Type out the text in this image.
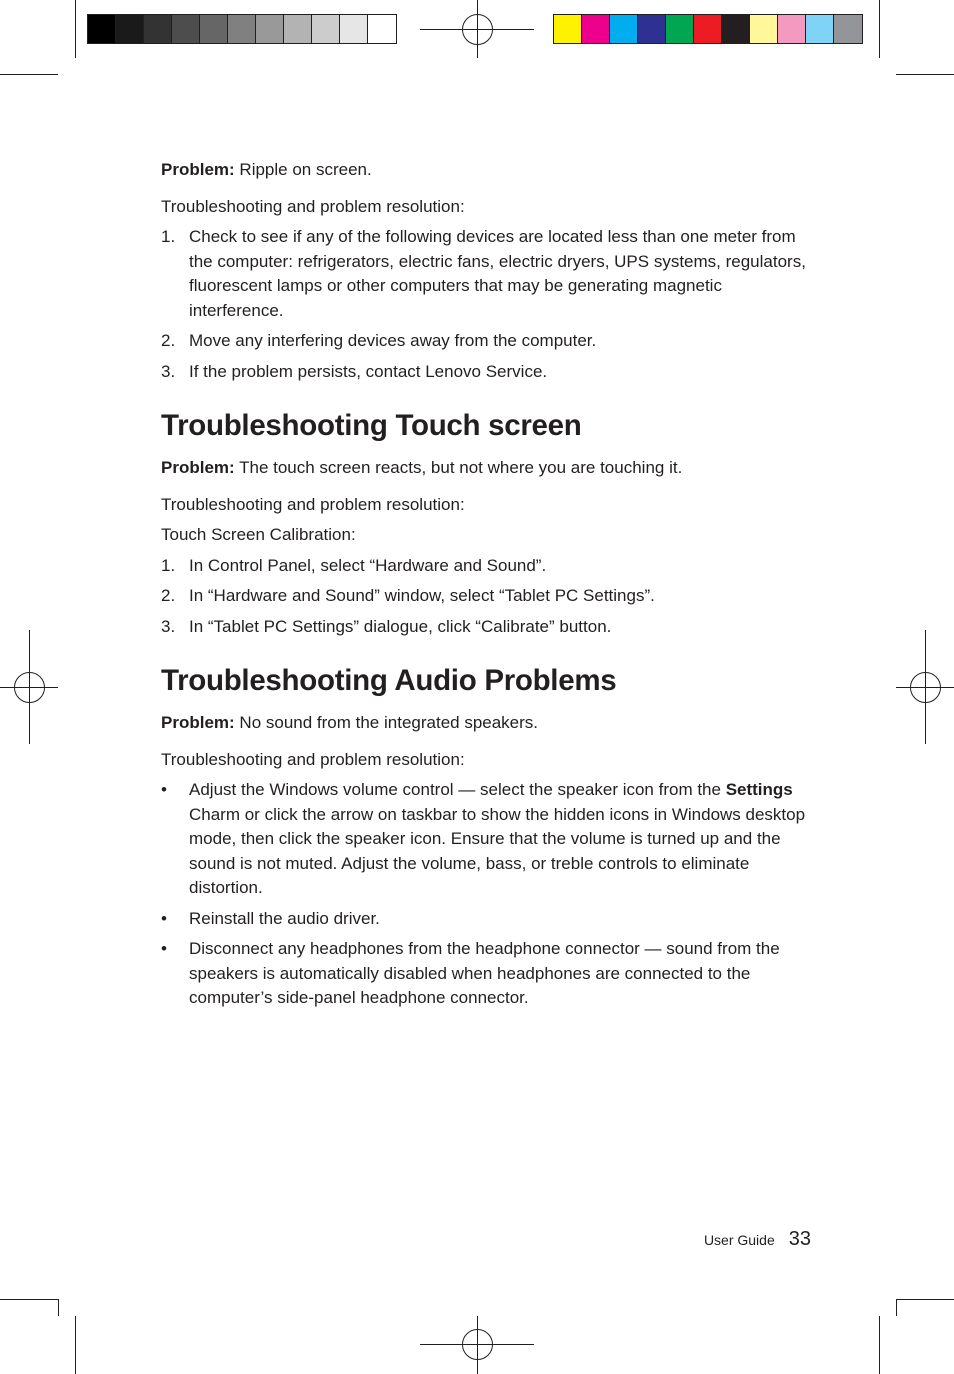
Problem: Ripple on screen.

Troubleshooting and problem resolution:

1. Check to see if any of the following devices are located less than one meter from the computer: refrigerators, electric fans, electric dryers, UPS systems, regulators, fluorescent lamps or other computers that may be generating magnetic interference.
2. Move any interfering devices away from the computer.
3. If the problem persists, contact Lenovo Service.
Troubleshooting Touch screen

Problem: The touch screen reacts, but not where you are touching it.

Troubleshooting and problem resolution:

Touch Screen Calibration:

1. In Control Panel, select “Hardware and Sound”.
2. In “Hardware and Sound” window, select “Tablet PC Settings”.
3. In “Tablet PC Settings” dialogue, click “Calibrate” button.
Troubleshooting Audio Problems

Problem: No sound from the integrated speakers.

Troubleshooting and problem resolution:

• Adjust the Windows volume control — select the speaker icon from the Settings Charm or click the arrow on taskbar to show the hidden icons in Windows desktop mode, then click the speaker icon. Ensure that the volume is turned up and the sound is not muted. Adjust the volume, bass, or treble controls to eliminate distortion.
• Reinstall the audio driver.
• Disconnect any headphones from the headphone connector — sound from the speakers is automatically disabled when headphones are connected to the computer’s side-panel headphone connector.
User Guide 33
